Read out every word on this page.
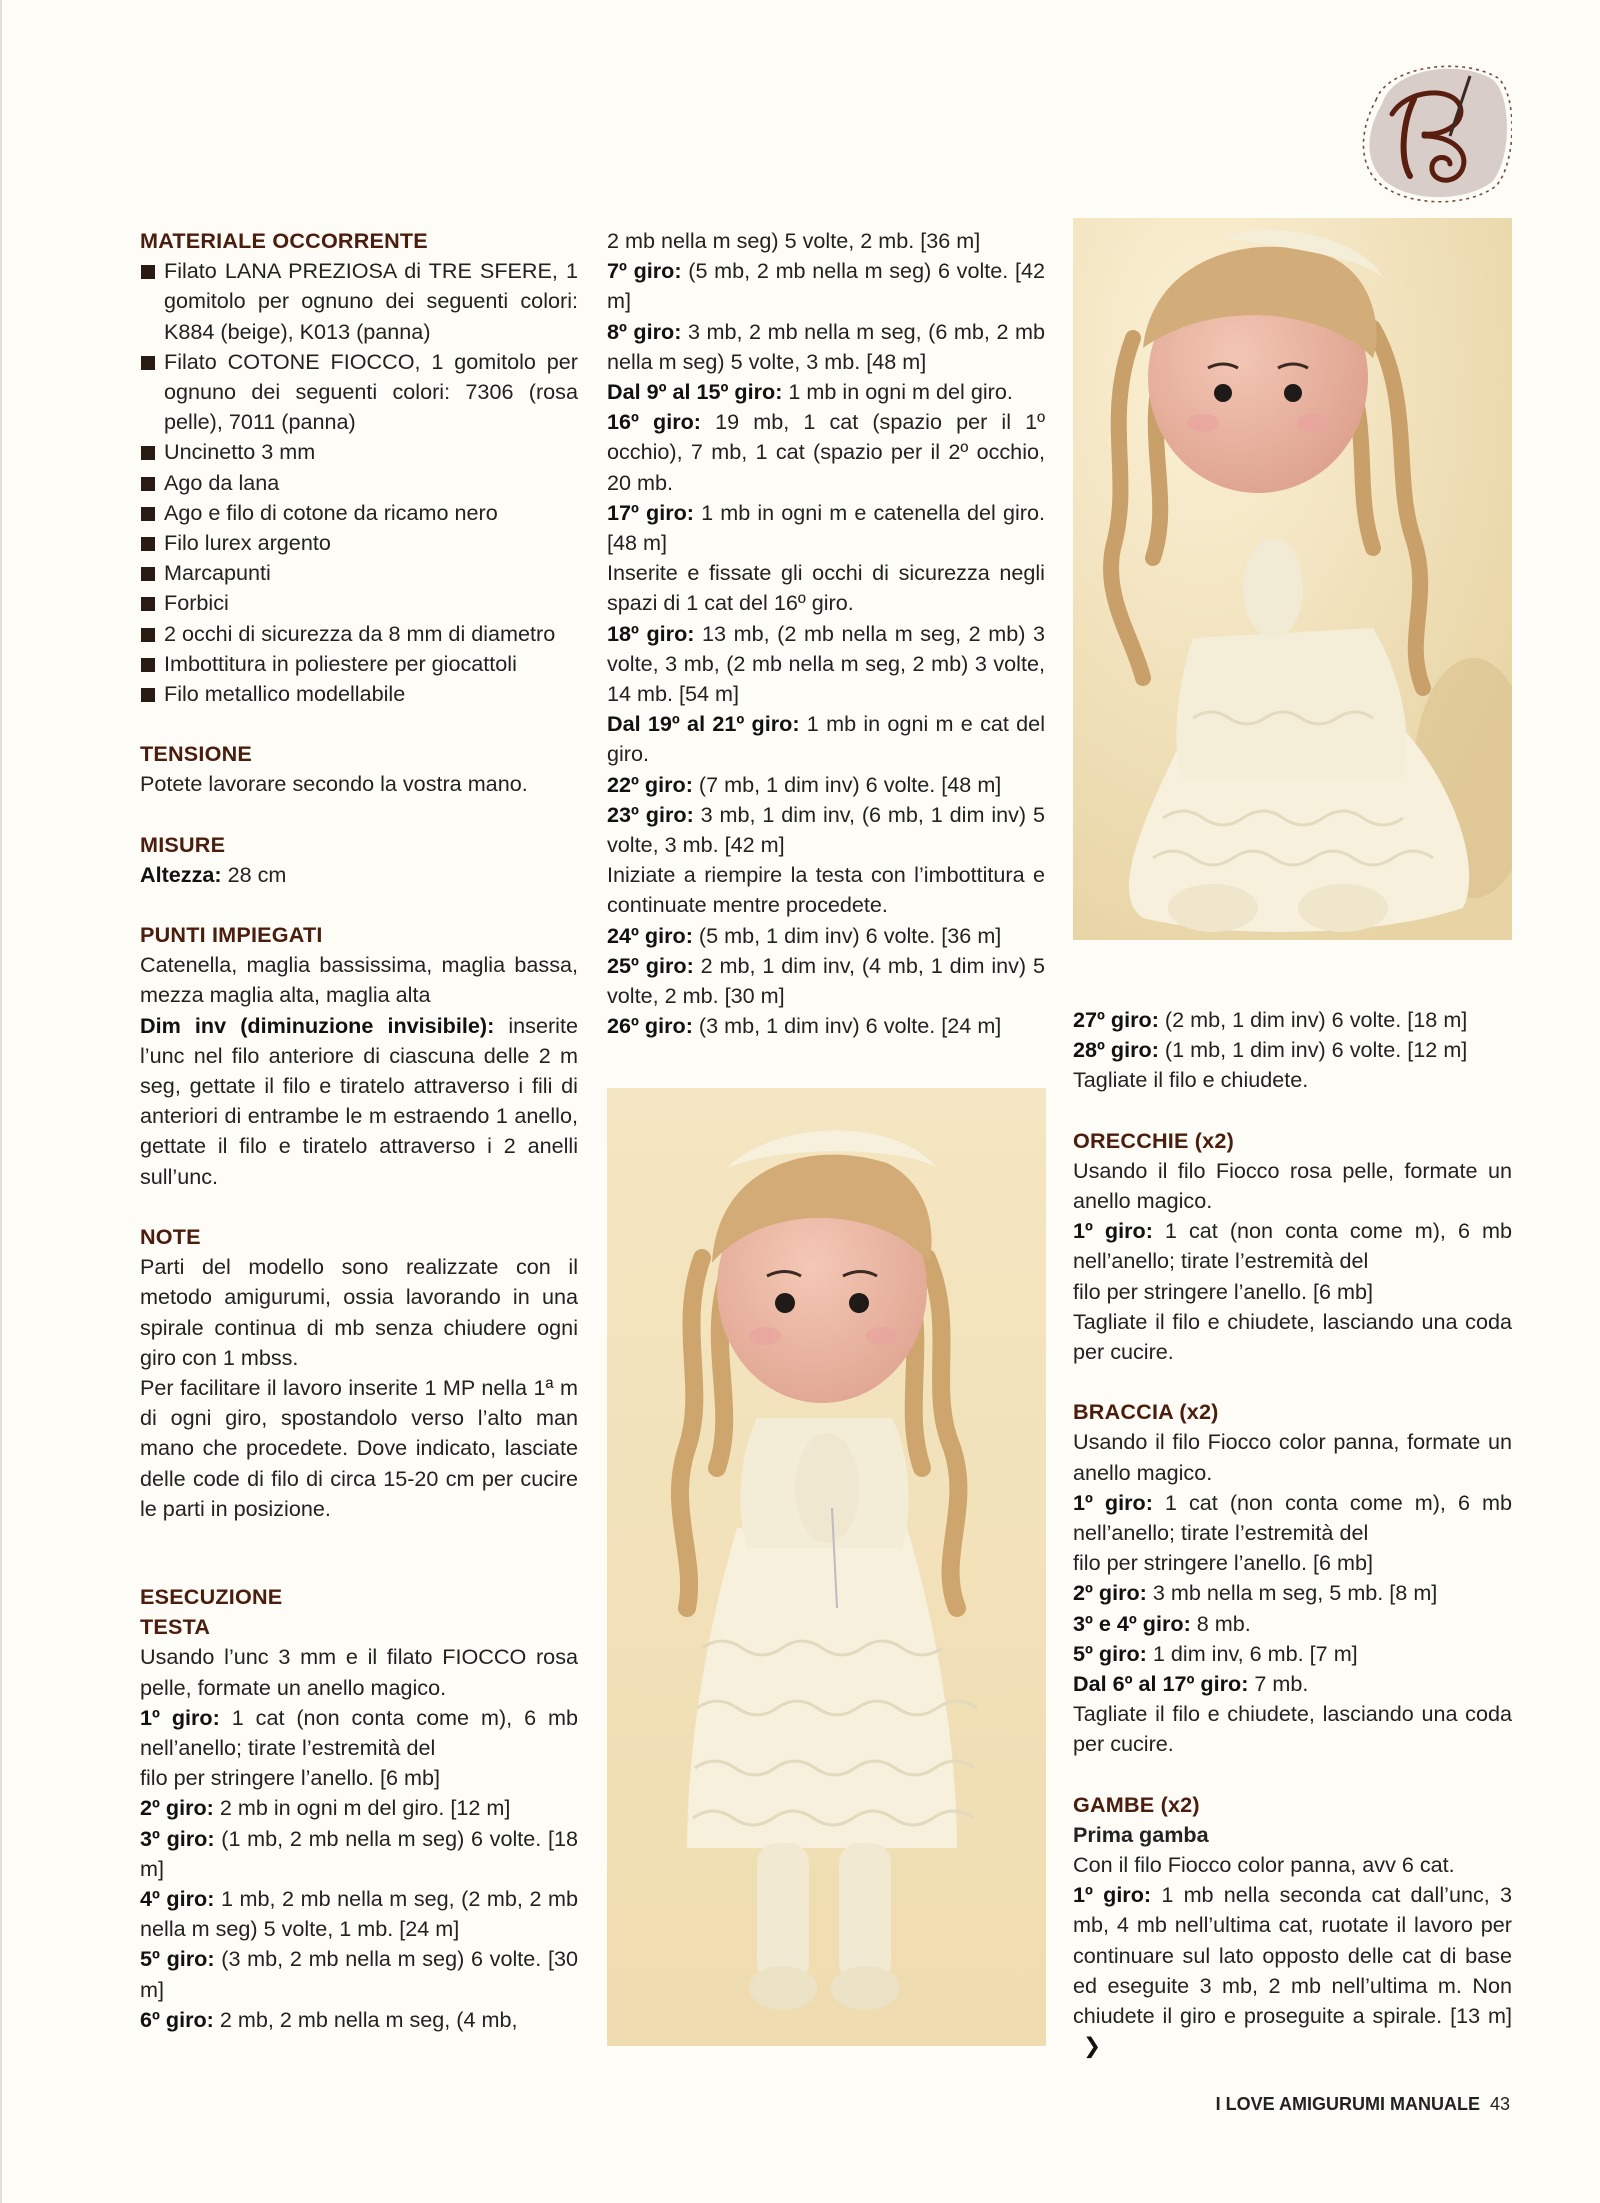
MATERIALE OCCORRENTE

Filato LANA PREZIOSA di TRE SFERE, 1 gomitolo per ognuno dei seguenti colori: K884 (beige), K013 (panna)

Filato COTONE FIOCCO, 1 gomitolo per ognuno dei seguenti colori: 7306 (rosa pelle), 7011 (panna)

Uncinetto 3 mm

Ago da lana

Ago e filo di cotone da ricamo nero

Filo lurex argento

Marcapunti

Forbici

2 occhi di sicurezza da 8 mm di diametro

Imbottitura in poliestere per giocattoli

Filo metallico modellabile

TENSIONE

Potete lavorare secondo la vostra mano.

MISURE

Altezza: 28 cm

PUNTI IMPIEGATI

Catenella, maglia bassissima, maglia bassa, mezza maglia alta, maglia alta

Dim inv (diminuzione invisibile): inserite l’unc nel filo anteriore di ciascuna delle 2 m seg, gettate il filo e tiratelo attraverso i fili di anteriori di entrambe le m estraendo 1 anello, gettate il filo e tiratelo attraverso i 2 anelli sull’unc.

NOTE

Parti del modello sono realizzate con il metodo amigurumi, ossia lavorando in una spirale continua di mb senza chiudere ogni giro con 1 mbss.

Per facilitare il lavoro inserite 1 MP nella 1ª m di ogni giro, spostandolo verso l’alto man mano che procedete. Dove indicato, lasciate delle code di filo di circa 15-20 cm per cucire le parti in posizione.

ESECUZIONE
TESTA

Usando l’unc 3 mm e il filato FIOCCO rosa pelle, formate un anello magico.

1º giro: 1 cat (non conta come m), 6 mb nell’anello; tirate l’estremità del

filo per stringere l’anello. [6 mb]

2º giro: 2 mb in ogni m del giro. [12 m]

3º giro: (1 mb, 2 mb nella m seg) 6 volte. [18 m]

4º giro: 1 mb, 2 mb nella m seg, (2 mb, 2 mb nella m seg) 5 volte, 1 mb. [24 m]

5º giro: (3 mb, 2 mb nella m seg) 6 volte. [30 m]

6º giro: 2 mb, 2 mb nella m seg, (4 mb,

2 mb nella m seg) 5 volte, 2 mb. [36 m]

7º giro: (5 mb, 2 mb nella m seg) 6 volte. [42 m]

8º giro: 3 mb, 2 mb nella m seg, (6 mb, 2 mb nella m seg) 5 volte, 3 mb. [48 m]

Dal 9º al 15º giro: 1 mb in ogni m del giro.

16º giro: 19 mb, 1 cat (spazio per il 1º occhio), 7 mb, 1 cat (spazio per il 2º occhio, 20 mb.

17º giro: 1 mb in ogni m e catenella del giro. [48 m]

Inserite e fissate gli occhi di sicurezza negli spazi di 1 cat del 16º giro.

18º giro: 13 mb, (2 mb nella m seg, 2 mb) 3 volte, 3 mb, (2 mb nella m seg, 2 mb) 3 volte, 14 mb. [54 m]

Dal 19º al 21º giro: 1 mb in ogni m e cat del giro.

22º giro: (7 mb, 1 dim inv) 6 volte. [48 m]

23º giro: 3 mb, 1 dim inv, (6 mb, 1 dim inv) 5 volte, 3 mb. [42 m]

Iniziate a riempire la testa con l’imbottitura e continuate mentre procedete.

24º giro: (5 mb, 1 dim inv) 6 volte. [36 m]

25º giro: 2 mb, 1 dim inv, (4 mb, 1 dim inv) 5 volte, 2 mb. [30 m]

26º giro: (3 mb, 1 dim inv) 6 volte. [24 m]	27º giro: (2 mb, 1 dim inv) 6 volte. [18 m]

28º giro: (1 mb, 1 dim inv) 6 volte. [12 m]

Tagliate il filo e chiudete.

ORECCHIE (x2)

Usando il filo Fiocco rosa pelle, formate un anello magico.

1º giro: 1 cat (non conta come m), 6 mb nell’anello; tirate l’estremità del

filo per stringere l’anello. [6 mb]

Tagliate il filo e chiudete, lasciando una coda per cucire.

BRACCIA (x2)

Usando il filo Fiocco color panna, formate un anello magico.

1º giro: 1 cat (non conta come m), 6 mb nell’anello; tirate l’estremità del

filo per stringere l’anello. [6 mb]

2º giro: 3 mb nella m seg, 5 mb. [8 m]

3º e 4º giro: 8 mb.

5º giro: 1 dim inv, 6 mb. [7 m]

Dal 6º al 17º giro: 7 mb.

Tagliate il filo e chiudete, lasciando una coda per cucire.

GAMBE (x2)
Prima gamba

Con il filo Fiocco color panna, avv 6 cat.

1º giro: 1 mb nella seconda cat dall’unc, 3 mb, 4 mb nell’ultima cat, ruotate il lavoro per continuare sul lato opposto delle cat di base ed eseguite 3 mb, 2 mb nell’ultima m. Non chiudete il giro e proseguite a spirale. [13 m]❯

I LOVE AMIGURUMI MANUALE 43
